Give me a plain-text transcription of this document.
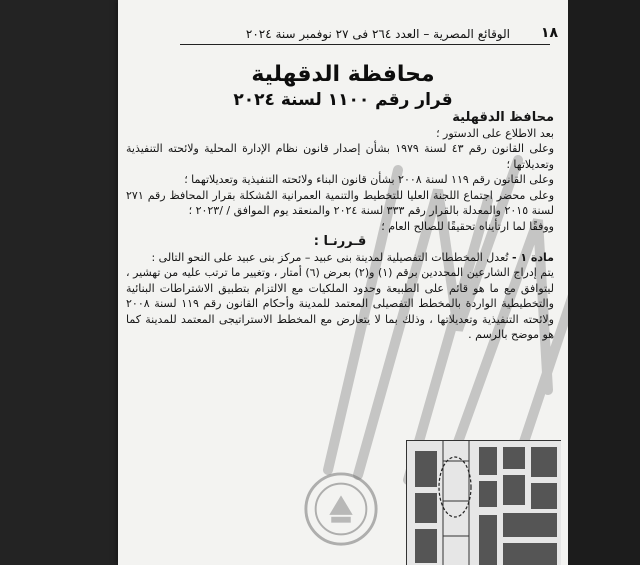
١٨
الوقائع المصرية – العدد ٢٦٤ فى ٢٧ نوفمبر سنة ٢٠٢٤
محافظة الدقهلية
قرار رقم ١١٠٠ لسنة ٢٠٢٤

محافظ الدقهلية

بعد الاطلاع على الدستور ؛

وعلى القانون رقم ٤٣ لسنة ١٩٧٩ بشأن إصدار قانون نظام الإدارة المحلية ولائحته التنفيذية وتعديلاتها ؛

وعلى القانون رقم ١١٩ لسنة ٢٠٠٨ بشأن قانون البناء ولائحته التنفيذية وتعديلاتهما ؛

وعلى محضر اجتماع اللجنة العليا للتخطيط والتنمية العمرانية المُشكلة بقرار المحافظ رقم ٢٧١ لسنة ٢٠١٥ والمعدلة بالقرار رقم ٣٣٣ لسنة ٢٠٢٤ والمنعقد يوم الموافق / /٢٠٢٣ ؛

ووفقًا لما ارتأيناه تحقيقًا للصالح العام ؛

قـررنـا :

مادة ١ - تُعدل المخططات التفصيلية لمدينة بنى عبيد – مركز بنى عبيد على النحو التالى :

يتم إدراج الشارعين المحددين برقم (١) و(٢) بعرض (٦) أمتار ، وتغيير ما ترتب عليه من تهشير ، ليتوافق مع ما هو قائم على الطبيعة وحدود الملكيات مع الالتزام بتطبيق الاشتراطات البنائية والتخطيطية الواردة بالمخطط التفصيلى المعتمد للمدينة وأحكام القانون رقم ١١٩ لسنة ٢٠٠٨ ولائحته التنفيذية وتعديلاتها ، وذلك بما لا يتعارض مع المخطط الاستراتيجى المعتمد للمدينة كما هو موضح بالرسم .
